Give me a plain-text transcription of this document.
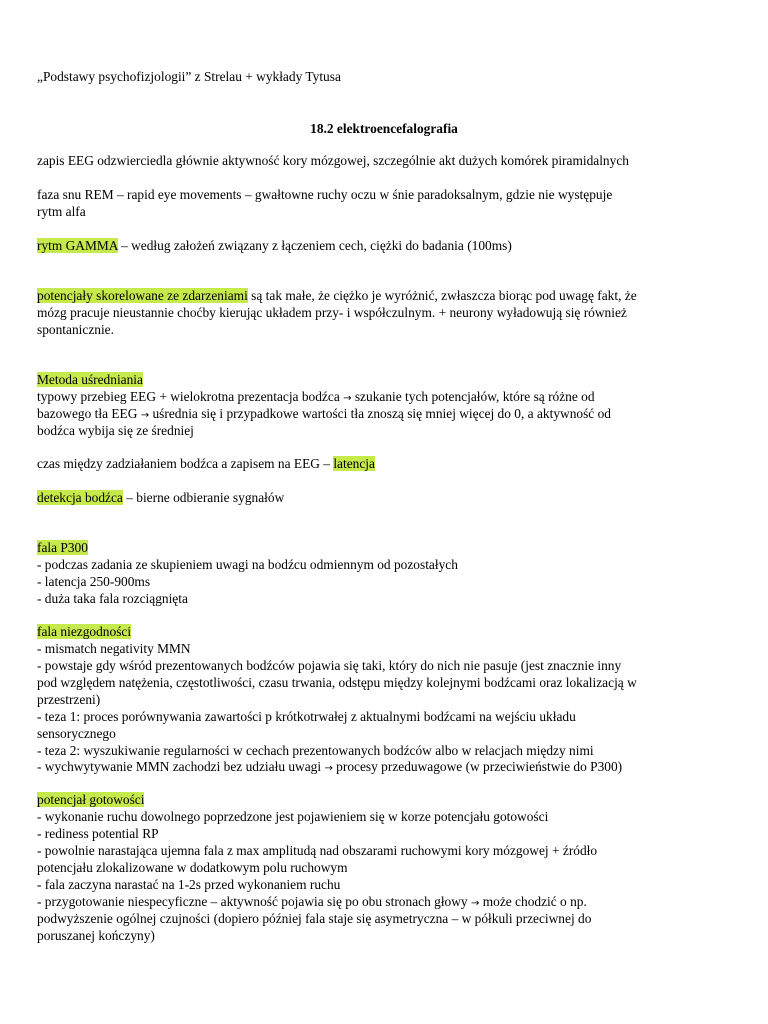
„Podstawy psychofizjologii” z Strelau + wykłady Tytusa
18.2 elektroencefalografia
zapis EEG odzwierciedla głównie aktywność kory mózgowej, szczególnie akt dużych komórek piramidalnych
faza snu REM – rapid eye movements – gwałtowne ruchy oczu w śnie paradoksalnym, gdzie nie występuje
rytm alfa
rytm GAMMA – według założeń związany z łączeniem cech, ciężki do badania (100ms)
potencjały skorelowane ze zdarzeniami są tak małe, że ciężko je wyróżnić, zwłaszcza biorąc pod uwagę fakt, że
mózg pracuje nieustannie choćby kierując układem przy- i współczulnym. + neurony wyładowują się również
spontanicznie.
Metoda uśredniania
typowy przebieg EEG + wielokrotna prezentacja bodźca → szukanie tych potencjałów, które są różne od
bazowego tła EEG → uśrednia się i przypadkowe wartości tła znoszą się mniej więcej do 0, a aktywność od
bodźca wybija się ze średniej
czas między zadziałaniem bodźca a zapisem na EEG – latencja
detekcja bodźca – bierne odbieranie sygnałów
fala P300
- podczas zadania ze skupieniem uwagi na bodźcu odmiennym od pozostałych
- latencja 250-900ms
- duża taka fala rozciągnięta
fala niezgodności
- mismatch negativity MMN
- powstaje gdy wśród prezentowanych bodźców pojawia się taki, który do nich nie pasuje (jest znacznie inny
pod względem natężenia, częstotliwości, czasu trwania, odstępu między kolejnymi bodźcami oraz lokalizacją w
przestrzeni)
- teza 1: proces porównywania zawartości p krótkotrwałej z aktualnymi bodźcami na wejściu układu
sensorycznego
- teza 2: wyszukiwanie regularności w cechach prezentowanych bodźców albo w relacjach między nimi
- wychwytywanie MMN zachodzi bez udziału uwagi → procesy przeduwagowe (w przeciwieństwie do P300)
potencjał gotowości
- wykonanie ruchu dowolnego poprzedzone jest pojawieniem się w korze potencjału gotowości
- rediness potential RP
- powolnie narastająca ujemna fala z max amplitudą nad obszarami ruchowymi kory mózgowej + źródło
potencjału zlokalizowane w dodatkowym polu ruchowym
- fala zaczyna narastać na 1-2s przed wykonaniem ruchu
- przygotowanie niespecyficzne – aktywność pojawia się po obu stronach głowy → może chodzić o np.
podwyższenie ogólnej czujności (dopiero później fala staje się asymetryczna – w półkuli przeciwnej do
poruszanej kończyny)
